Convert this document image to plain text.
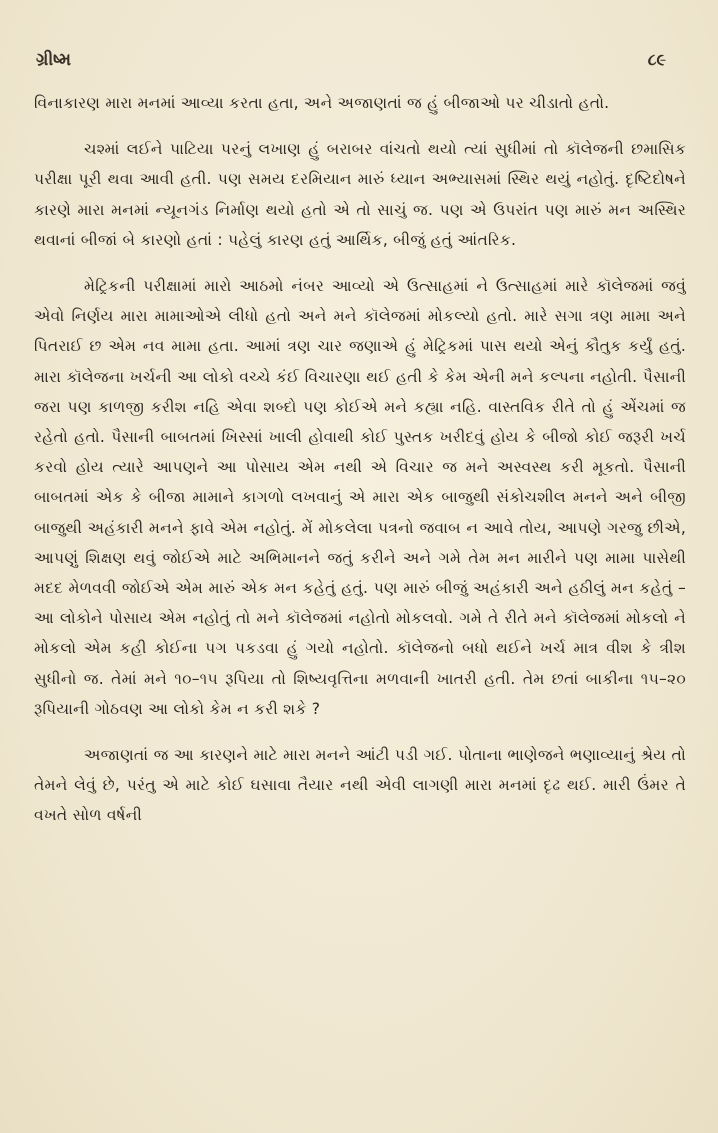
ગ્રીષ્મ	૮૯

વિનાકારણ મારા મનમાં આવ્યા કરતા હતા, અને અજાણતાં જ હું બીજાઓ પર ચીડાતો હતો.

ચશ્માં લઈને પાટિયા પરનું લખાણ હું બરાબર વાંચતો થયો ત્યાં સુધીમાં તો કૉલેજની છમાસિક પરીક્ષા પૂરી થવા આવી હતી. પણ સમય દરમિયાન મારું ધ્યાન અભ્યાસમાં સ્થિર થયું નહોતું. દૃષ્ટિદોષને કારણે મારા મનમાં ન્યૂનગંડ નિર્માણ થયો હતો એ તો સાચું જ. પણ એ ઉપરાંત પણ મારું મન અસ્થિર થવાનાં બીજાં બે કારણો હતાં : પહેલું કારણ હતું આર્થિક, બીજું હતું આંતરિક.

મેટ્રિકની પરીક્ષામાં મારો આઠમો નંબર આવ્યો એ ઉત્સાહમાં ને ઉત્સાહમાં મારે કૉલેજમાં જવું એવો નિર્ણય મારા મામાઓએ લીધો હતો અને મને કૉલેજમાં મોકલ્યો હતો. મારે સગા ત્રણ મામા અને પિતરાઈ છ એમ નવ મામા હતા. આમાં ત્રણ ચાર જણાએ હું મેટ્રિકમાં પાસ થયો એનું કૌતુક કર્યું હતું. મારા કૉલેજના ખર્ચની આ લોકો વચ્ચે કંઈ વિચારણા થઈ હતી કે કેમ એની મને કલ્પના નહોતી. પૈસાની જરા પણ કાળજી કરીશ નહિ એવા શબ્દો પણ કોઈએ મને કહ્યા નહિ. વાસ્તવિક રીતે તો હું એંચમાં જ રહેતો હતો. પૈસાની બાબતમાં ખિસ્સાં ખાલી હોવાથી કોઈ પુસ્તક ખરીદવું હોય કે બીજો કોઈ જરૂરી ખર્ચ કરવો હોય ત્યારે આપણને આ પોસાય એમ નથી એ વિચાર જ મને અસ્વસ્થ કરી મૂકતો. પૈસાની બાબતમાં એક કે બીજા મામાને કાગળો લખવાનું એ મારા એક બાજુથી સંકોચશીલ મનને અને બીજી બાજુથી અહંકારી મનને ફાવે એમ નહોતું. મેં મોકલેલા પત્રનો જવાબ ન આવે તોય, આપણે ગરજુ છીએ, આપણું શિક્ષણ થવું જોઈએ માટે અભિમાનને જતું કરીને અને ગમે તેમ મન મારીને પણ મામા પાસેથી મદદ મેળવવી જોઈએ એમ મારું એક મન કહેતું હતું. પણ મારું બીજું અહંકારી અને હઠીલું મન કહેતું – આ લોકોને પોસાય એમ નહોતું તો મને કૉલેજમાં નહોતો મોકલવો. ગમે તે રીતે મને કૉલેજમાં મોકલો ને મોકલો એમ કહી કોઈના પગ પકડવા હું ગયો નહોતો. કૉલેજનો બધો થઈને ખર્ચ માત્ર વીશ કે ત્રીશ સુધીનો જ. તેમાં મને ૧૦–૧૫ રૂપિયા તો શિષ્યવૃત્તિના મળવાની ખાતરી હતી. તેમ છતાં બાકીના ૧૫–૨૦ રૂપિયાની ગોઠવણ આ લોકો કેમ ન કરી શકે ?

અજાણતાં જ આ કારણને માટે મારા મનને આંટી પડી ગઈ. પોતાના ભાણેજને ભણાવ્યાનું શ્રેય તો તેમને લેવું છે, પરંતુ એ માટે કોઈ ઘસાવા તૈયાર નથી એવી લાગણી મારા મનમાં દૃઢ થઈ. મારી ઉંમર તે વખતે સોળ વર્ષની
